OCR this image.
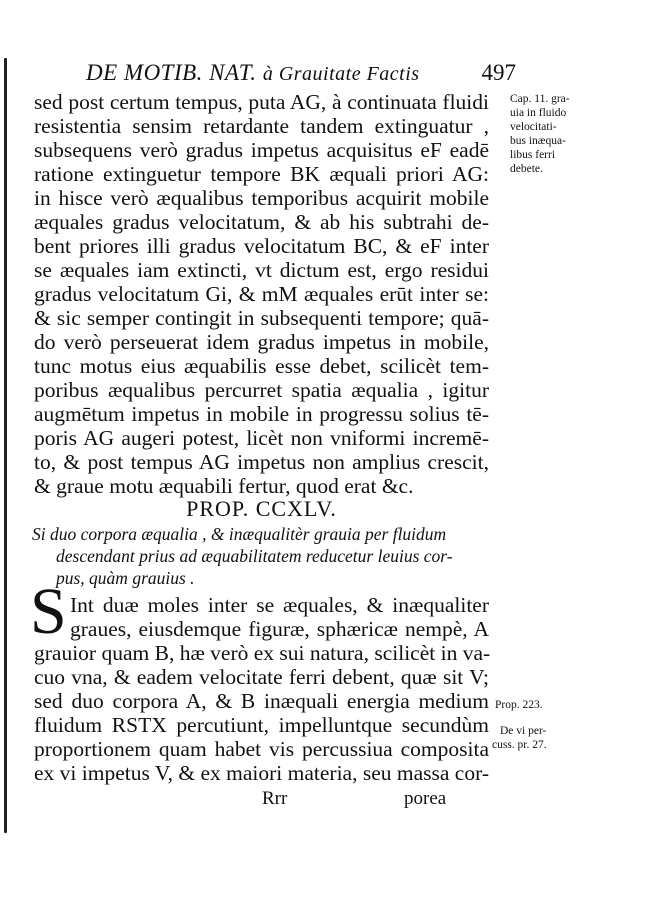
DE MOTIB. NAT. à Grauitate Factis	497
sed post certum tempus, puta AG, à continuata fluidi
resistentia sensim retardante tandem extinguatur ,
subsequens verò gradus impetus acquisitus eF eadē
ratione extinguetur tempore BK æquali priori AG:
in hisce verò æqualibus temporibus acquirit mobile
æquales gradus velocitatum, & ab his subtrahi de-
bent priores illi gradus velocitatum BC, & eF inter
se æquales iam extincti, vt dictum est, ergo residui
gradus velocitatum Gi, & mM æquales erūt inter se:
& sic semper contingit in subsequenti tempore; quā-
do verò perseuerat idem gradus impetus in mobile,
tunc motus eius æquabilis esse debet, scilicèt tem-
poribus æqualibus percurret spatia æqualia , igitur
augmētum impetus in mobile in progressu solius tē-
poris AG augeri potest, licèt non vniformi incremē-
to, & post tempus AG impetus non amplius crescit,
& graue motu æquabili fertur, quod erat &c.
PROP. CCXLV.
Si duo corpora æqualia , & inæqualitèr grauia per fluidum
descendant prius ad æquabilitatem reducetur leuius cor-
pus, quàm grauius .
S Int duæ moles inter se æquales, & inæqualiter
graues, eiusdemque figuræ, sphæricæ nempè, A
grauior quam B, hæ verò ex sui natura, scilicèt in va-
cuo vna, & eadem velocitate ferri debent, quæ sit V;
sed duo corpora A, & B inæquali energia medium
fluidum RSTX percutiunt, impelluntque secundùm
proportionem quam habet vis percussiua composita
ex vi impetus V, & ex maiori materia, seu massa cor-
Cap. 11. gra-
uia in fluido
velocitati-
bus inæqua-
libus ferri
debete.
Prop. 223.
De vi per-
cuss. pr. 27.
Rrr	porea
